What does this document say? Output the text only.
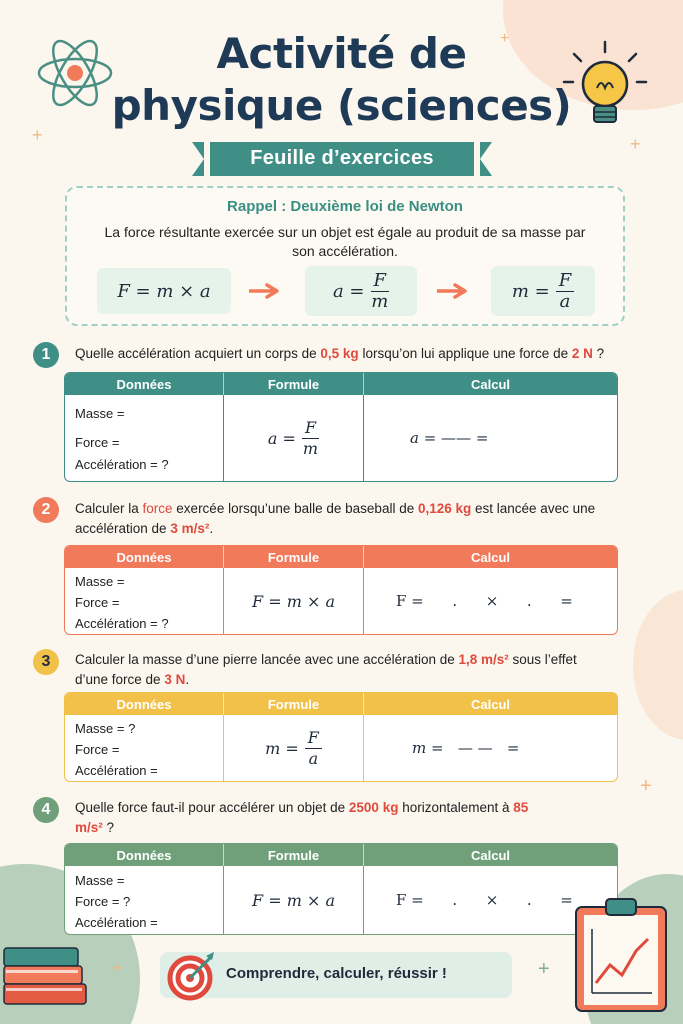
+
+
+
+
+	+
Activité de
physique (sciences)
Feuille d’exercices
Rappel : Deuxième loi de Newton

La force résultante exercée sur un objet est égale au produit de sa masse par son accélération.

F = m × a	$a = \frac{F}{m}$	$m = \frac{F}{a}$
1	Quelle accélération acquiert un corps de 0,5 kg lorsqu’on lui applique une force de 2 N ?
Données	Formule	Calcul
Masse =
Force =
Accélération = ?
$a = \frac{F}{m}$	a = —— =
2	Calculer la force exercée lorsqu’une balle de baseball de 0,126 kg est lancée avec une accélération de 3 m/s².
Données	Formule	Calcul
Masse =
Force =
Accélération = ?
F = m × a	F =      .      ×      .      =
3	Calculer la masse d’une pierre lancée avec une accélération de 1,8 m/s² sous l’effet d’une force de 3 N.
Données	Formule	Calcul
Masse = ?
Force =
Accélération =
$m = \frac{F}{a}$	m =   — —   =
4	Quelle force faut-il pour accélérer un objet de 2500 kg horizontalement à 85 m/s² ?
Données	Formule	Calcul
Masse =
Force = ?
Accélération =
F = m × a	F =      .      ×      .      =
Comprendre, calculer, réussir !
